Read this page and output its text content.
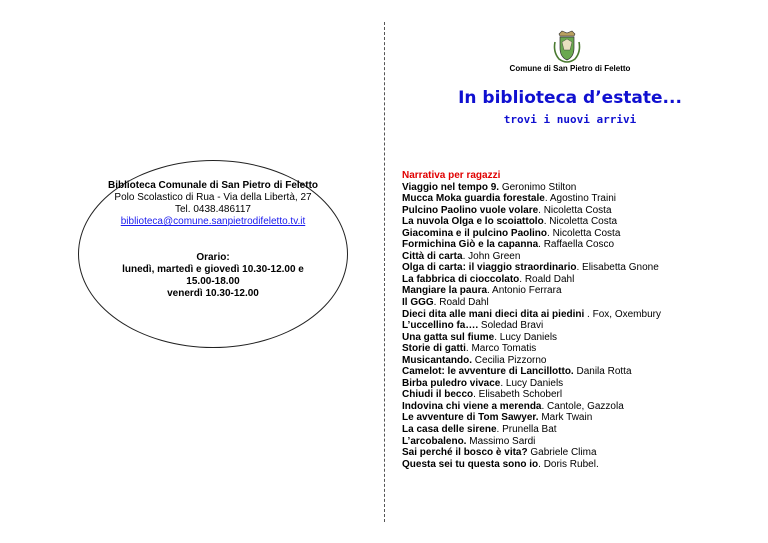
Comune di San Pietro di Feletto
In biblioteca d’estate...
trovi i nuovi arrivi
Biblioteca Comunale di San Pietro di Feletto
Polo Scolastico di Rua - Via della Libertà, 27
Tel. 0438.486117
biblioteca@comune.sanpietrodifeletto.tv.it
Orario:
lunedì, martedì e giovedì 10.30-12.00 e
15.00-18.00
venerdì 10.30-12.00
Narrativa per ragazzi
Viaggio nel tempo 9. Geronimo Stilton
Mucca Moka guardia forestale. Agostino Traini
Pulcino Paolino vuole volare. Nicoletta Costa
La nuvola Olga e lo scoiattolo. Nicoletta Costa
Giacomina e il pulcino Paolino. Nicoletta Costa
Formichina Giò e la capanna. Raffaella Cosco
Città di carta. John Green
Olga di carta: il viaggio straordinario. Elisabetta Gnone
La fabbrica di cioccolato. Roald Dahl
Mangiare la paura. Antonio Ferrara
Il GGG. Roald Dahl
Dieci dita alle mani dieci dita ai piedini . Fox, Oxembury
L’uccellino fa…. Soledad Bravi
Una gatta sul fiume. Lucy Daniels
Storie di gatti. Marco Tomatis
Musicantando. Cecilia Pizzorno
Camelot: le avventure di Lancillotto. Danila Rotta
Birba puledro vivace. Lucy Daniels
Chiudi il becco. Elisabeth Schoberl
Indovina chi viene a merenda. Cantole, Gazzola
Le avventure di Tom Sawyer. Mark Twain
La casa delle sirene. Prunella Bat
L’arcobaleno. Massimo Sardi
Sai perché il bosco è vita? Gabriele Clima
Questa sei tu questa sono io. Doris Rubel.
